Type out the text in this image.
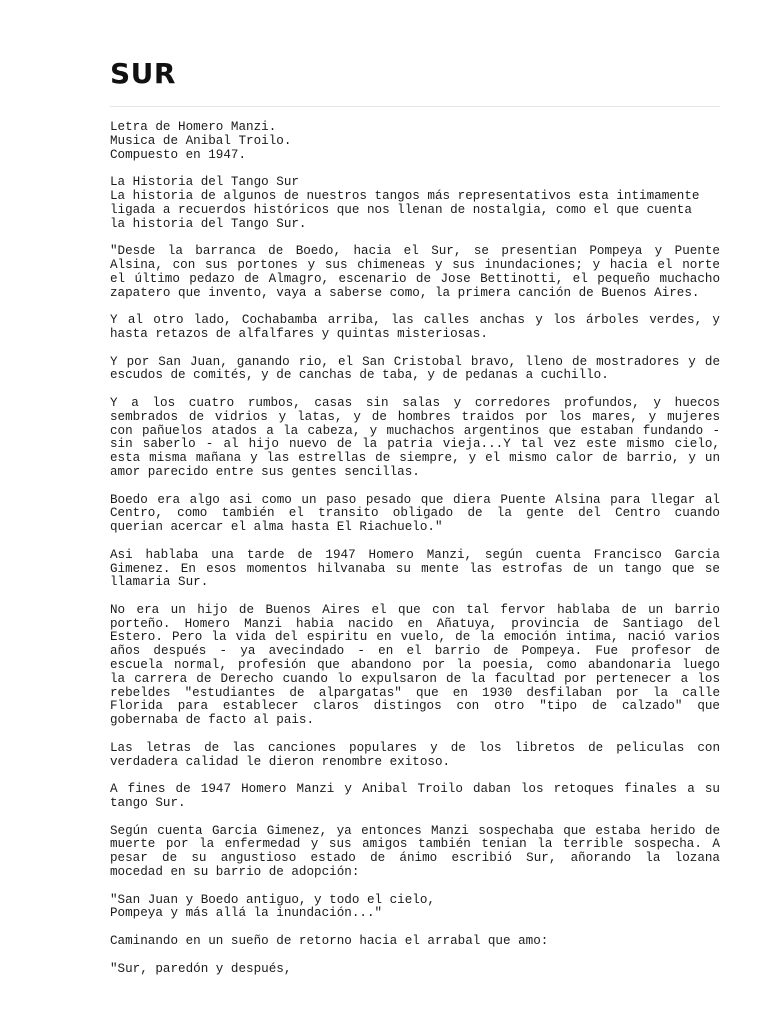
SUR

Letra de Homero Manzi.
Musica de Anibal Troilo.
Compuesto en 1947.

La Historia del Tango Sur
La historia de algunos de nuestros tangos más representativos esta intimamente
ligada a recuerdos históricos que nos llenan de nostalgia, como el que cuenta
la historia del Tango Sur.

"Desde la barranca de Boedo, hacia el Sur, se presentian Pompeya y Puente
Alsina, con sus portones y sus chimeneas y sus inundaciones; y hacia el norte
el último pedazo de Almagro, escenario de Jose Bettinotti, el pequeño muchacho
zapatero que invento, vaya a saberse como, la primera canción de Buenos Aires.

Y al otro lado, Cochabamba arriba, las calles anchas y los árboles verdes, y
hasta retazos de alfalfares y quintas misteriosas.

Y por San Juan, ganando rio, el San Cristobal bravo, lleno de mostradores y de
escudos de comités, y de canchas de taba, y de pedanas a cuchillo.

Y a los cuatro rumbos, casas sin salas y corredores profundos, y huecos
sembrados de vidrios y latas, y de hombres traidos por los mares, y mujeres
con pañuelos atados a la cabeza, y muchachos argentinos que estaban fundando -
sin saberlo - al hijo nuevo de la patria vieja...Y tal vez este mismo cielo,
esta misma mañana y las estrellas de siempre, y el mismo calor de barrio, y un
amor parecido entre sus gentes sencillas.

Boedo era algo asi como un paso pesado que diera Puente Alsina para llegar al
Centro, como también el transito obligado de la gente del Centro cuando
querian acercar el alma hasta El Riachuelo."

Asi hablaba una tarde de 1947 Homero Manzi, según cuenta Francisco Garcia
Gimenez. En esos momentos hilvanaba su mente las estrofas de un tango que se
llamaria Sur.

No era un hijo de Buenos Aires el que con tal fervor hablaba de un barrio
porteño. Homero Manzi habia nacido en Añatuya, provincia de Santiago del
Estero. Pero la vida del espiritu en vuelo, de la emoción intima, nació varios
años después - ya avecindado - en el barrio de Pompeya. Fue profesor de
escuela normal, profesión que abandono por la poesia, como abandonaria luego
la carrera de Derecho cuando lo expulsaron de la facultad por pertenecer a los
rebeldes "estudiantes de alpargatas" que en 1930 desfilaban por la calle
Florida para establecer claros distingos con otro "tipo de calzado" que
gobernaba de facto al pais.

Las letras de las canciones populares y de los libretos de peliculas con
verdadera calidad le dieron renombre exitoso.

A fines de 1947 Homero Manzi y Anibal Troilo daban los retoques finales a su
tango Sur.

Según cuenta Garcia Gimenez, ya entonces Manzi sospechaba que estaba herido de
muerte por la enfermedad y sus amigos también tenian la terrible sospecha. A
pesar de su angustioso estado de ánimo escribió Sur, añorando la lozana
mocedad en su barrio de adopción:

"San Juan y Boedo antiguo, y todo el cielo,
Pompeya y más allá la inundación..."

Caminando en un sueño de retorno hacia el arrabal que amo:

"Sur, paredón y después,
